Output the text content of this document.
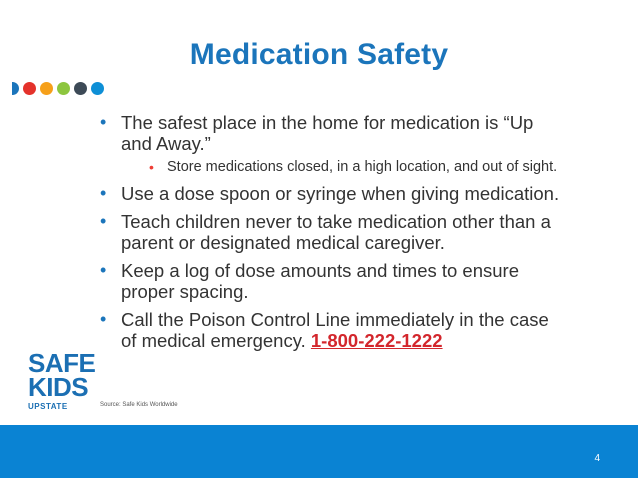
Medication Safety
• The safest place in the home for medication is “Up and Away.”
• Store medications closed, in a high location, and out of sight.
• Use a dose spoon or syringe when giving medication.
• Teach children never to take medication other than a parent or designated medical caregiver.
• Keep a log of dose amounts and times to ensure proper spacing.
• Call the Poison Control Line immediately in the case of medical emergency. 1-800-222-1222
SAFE
KIDS
UPSTATE	Source: Safe Kids Worldwide
4
